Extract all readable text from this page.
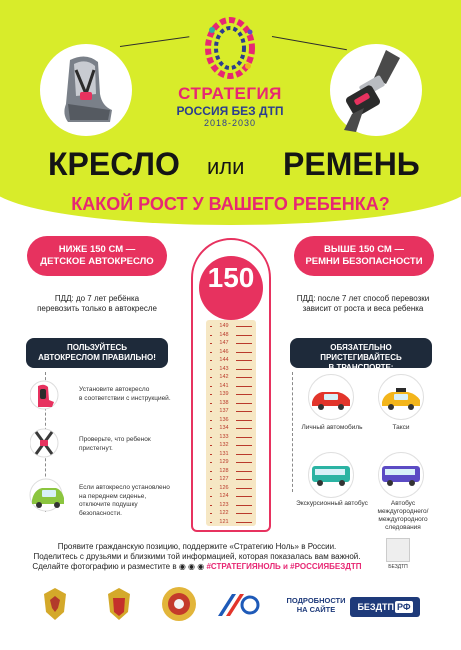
СТРАТЕГИЯ
РОССИЯ БЕЗ ДТП
2018-2030
КРЕСЛО или РЕМЕНЬ
КАКОЙ РОСТ У ВАШЕГО РЕБЕНКА?
НИЖЕ 150 СМ —
ДЕТСКОЕ АВТОКРЕСЛО
ВЫШЕ 150 СМ —
РЕМНИ БЕЗОПАСНОСТИ
ПДД: до 7 лет ребёнка
перевозить только в автокресле
ПДД: после 7 лет способ перевозки
зависит от роста и веса ребенка
ПОЛЬЗУЙТЕСЬ
АВТОКРЕСЛОМ ПРАВИЛЬНО!
ОБЯЗАТЕЛЬНО ПРИСТЕГИВАЙТЕСЬ
В ТРАНСПОРТЕ:
Установите автокресло
в соответствии с инструкцией.
Проверьте, что ребенок
пристегнут.
Если автокресло установлено
на переднем сиденье,
отключите подушку безопасности.
150
149
148
147
146
144
143
142
141
139
138
137
136
134
133
132
131
129
128
127
126
124
123
122
121
Личный автомобиль	Такси
Экскурсионный автобус	Автобус междугороднего/
междугородного следования
Проявите гражданскую позицию, поддержите «Стратегию Ноль» в России.
Поделитесь с друзьями и близкими той информацией, которая показалась вам важной.
Сделайте фотографию и разместите в ◉ ◉ ◉ #СТРАТЕГИЯНОЛЬ и #РОССИЯБЕЗДТП	БЕЗДТП
ПОДРОБНОСТИ
НА САЙТЕ	БЕЗДТП РФ
